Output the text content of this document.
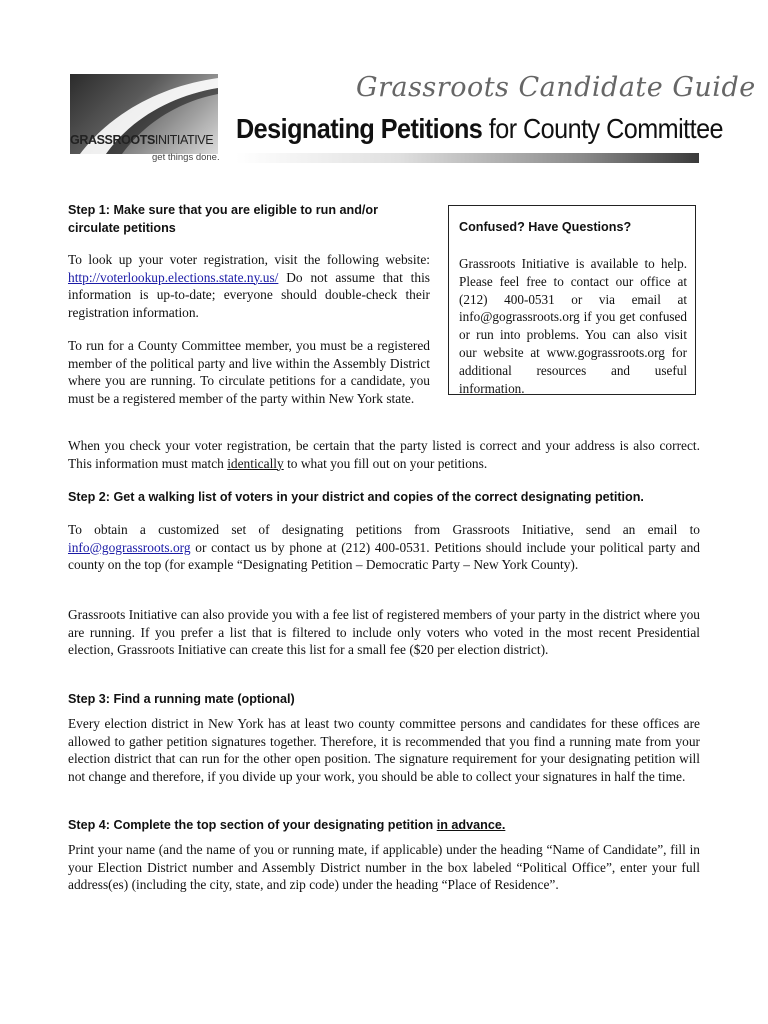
GRASSROOTSINITIATIVE
get things done.
Grassroots Candidate Guide
Designating Petitions for County Committee
Step 1: Make sure that you are eligible to run and/or circulate petitions
To look up your voter registration, visit the following website: http://voterlookup.elections.state.ny.us/ Do not assume that this information is up-to-date; everyone should double-check their registration information.
To run for a County Committee member, you must be a registered member of the political party and live within the Assembly District where you are running. To circulate petitions for a candidate, you must be a registered member of the party within New York state.
When you check your voter registration, be certain that the party listed is correct and your address is also correct. This information must match identically to what you fill out on your petitions.
Confused? Have Questions?
Grassroots Initiative is available to help. Please feel free to contact our office at (212) 400-0531 or via email at info@gograssroots.org if you get confused or run into problems. You can also visit our website at www.gograssroots.org for additional resources and useful information.
Step 2: Get a walking list of voters in your district and copies of the correct designating petition.
To obtain a customized set of designating petitions from Grassroots Initiative, send an email to info@gograssroots.org or contact us by phone at (212) 400-0531. Petitions should include your political party and county on the top (for example “Designating Petition – Democratic Party – New York County).
Grassroots Initiative can also provide you with a fee list of registered members of your party in the district where you are running. If you prefer a list that is filtered to include only voters who voted in the most recent Presidential election, Grassroots Initiative can create this list for a small fee ($20 per election district).
Step 3: Find a running mate (optional)
Every election district in New York has at least two county committee persons and candidates for these offices are allowed to gather petition signatures together. Therefore, it is recommended that you find a running mate from your election district that can run for the other open position. The signature requirement for your designating petition will not change and therefore, if you divide up your work, you should be able to collect your signatures in half the time.
Step 4: Complete the top section of your designating petition in advance.
Print your name (and the name of you or running mate, if applicable) under the heading “Name of Candidate”, fill in your Election District number and Assembly District number in the box labeled “Political Office”, enter your full address(es) (including the city, state, and zip code) under the heading “Place of Residence”.
